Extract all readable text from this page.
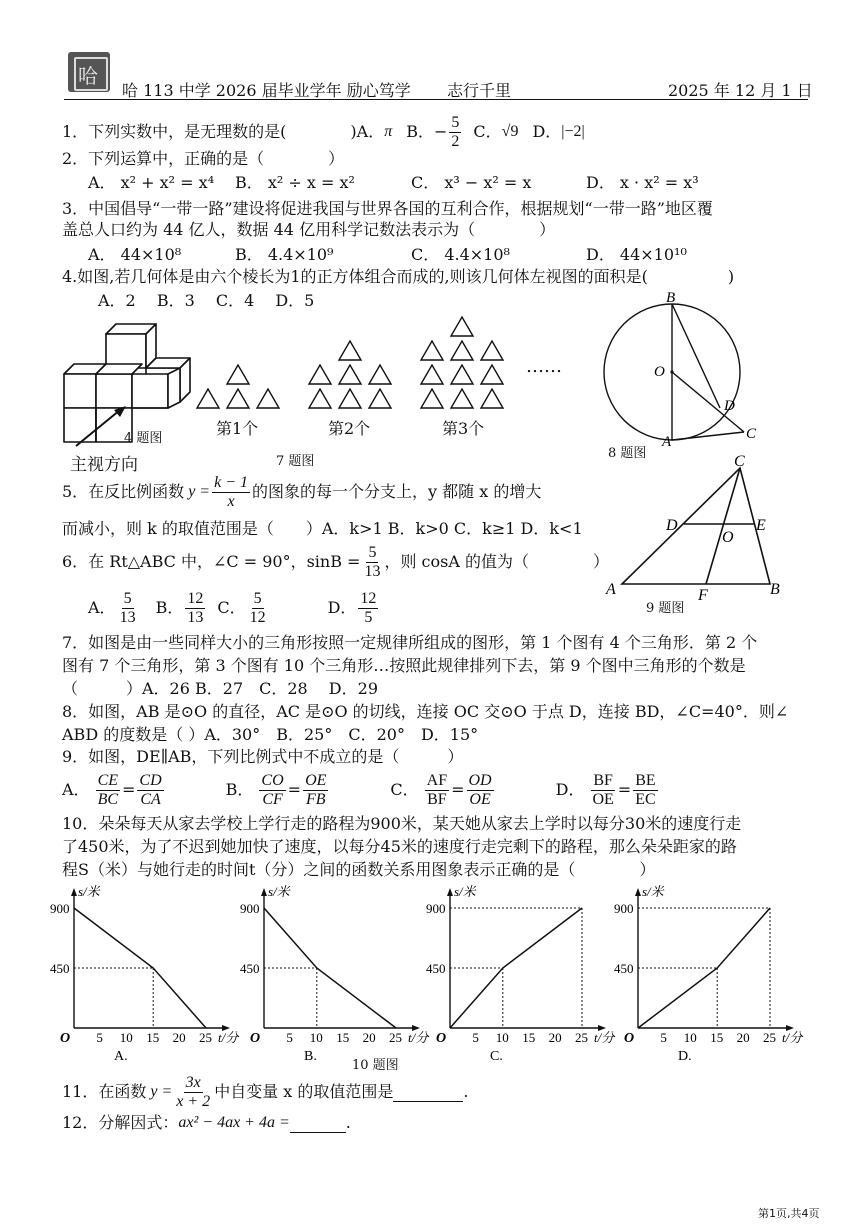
哈
哈 113 中学 2026 届毕业学年 励心笃学 志行千里	2025 年 12 月 1 日
1．下列实数中，是无理数的是(　　　　) A． π B． − $\frac{5}{2}$ C． √9 D． |−2|
2．下列运算中，正确的是（　　　　）
A． x² + x² = x⁴ B． x² ÷ x = x²	C． x³ − x² = x	D． x · x² = x³
3．中国倡导“一带一路”建设将促进我国与世界各国的互利合作，根据规划“一带一路”地区覆
盖总人口约为 44 亿人，数据 44 亿用科学记数法表示为（　　　　）
A． 44×10⁸	B． 4.4×10⁹	C． 4.4×10⁸	D． 44×10¹⁰
4.如图,若几何体是由六个棱长为1的正方体组合而成的,则该几何体左视图的面积是(　　　　　)
A．2　 B．3　 C．4　 D．5
4 题图
主视方向
第1个	第2个	第3个
……
7 题图
B
O
D
A	C
8 题图
5．在反比例函数 $y = \frac{k - 1}{x}$ 的图象的每一个分支上，y 都随 x 的增大
而减小，则 k 的取值范围是（　　）A．k>1 B．k>0 C．k≥1 D．k<1
C
D	E
O
A	F	B
9 题图
6．在 Rt△ABC 中，∠C = 90°，$\sin B = \frac{5}{13}$ ，则 cosA 的值为（　　　　）
A． $\frac{5}{13}$ B． $\frac{12}{13}$ C． $\frac{5}{12}$	D． $\frac{12}{5}$
7．如图是由一些同样大小的三角形按照一定规律所组成的图形，第 1 个图有 4 个三角形．第 2 个
图有 7 个三角形，第 3 个图有 10 个三角形…按照此规律排列下去，第 9 个图中三角形的个数是
（　　　）A．26 B．27　C．28　 D．29
8．如图，AB 是⊙O 的直径，AC 是⊙O 的切线，连接 OC 交⊙O 于点 D，连接 BD，∠C=40°．则∠
ABD 的度数是（ ）A．30°　B．25°　C．20°　D．15°
9．如图，DE∥AB，下列比例式中不成立的是（　　　）
A． $\frac{CE}{BC} = \frac{CD}{CA}$	B． $\frac{CO}{CF} = \frac{OE}{FB}$	C． $\frac{AF}{BF} = \frac{OD}{OE}$	D． $\frac{BF}{OE} = \frac{BE}{EC}$
10．朵朵每天从家去学校上学行走的路程为900米，某天她从家去上学时以每分30米的速度行走
了450米，为了不迟到她加快了速度，以每分45米的速度行走完剩下的路程，那么朵朵距家的路
程S（米）与她行走的时间t（分）之间的函数关系用图象表示正确的是（　　　　）
s/米
t/分
O 5 10 15 20 25
900
450
A.
s/米
t/分
O 5 10 15 20 25
900
450
B.
s/米
t/分
O 5 10 15 20 25
900
450
C.
s/米
t/分
O 5 10 15 20 25
900
450
D.
10 题图
11．在函数 $y = \frac{3x}{x + 2}$ 中自变量 x 的取值范围是	.
12．分解因式： ax² − 4ax + 4a =	.
第1页,共4页
